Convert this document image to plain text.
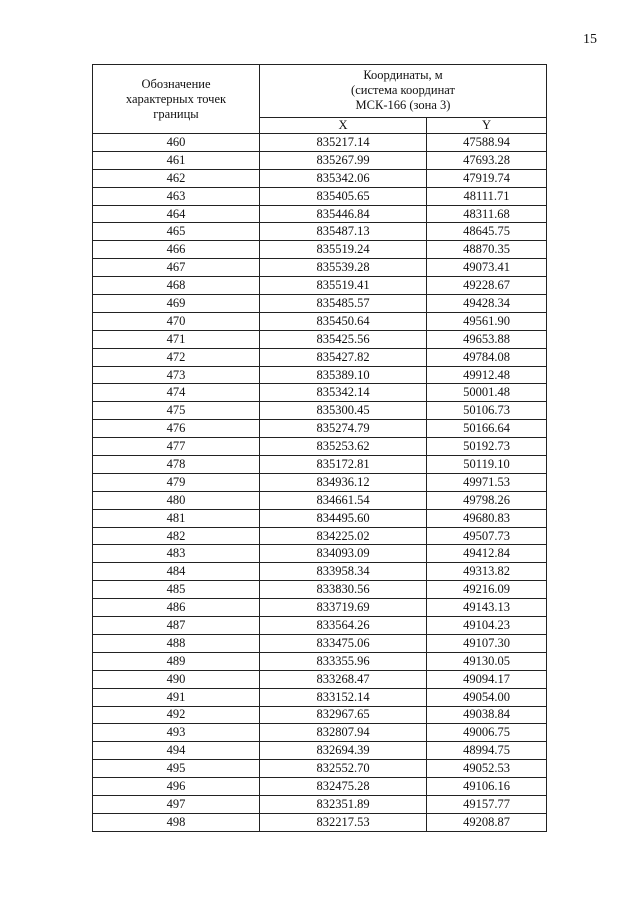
15
Обозначение характерных точек границы	Координаты, м
(система координат
МСК-166 (зона 3)	

	X	Y
460	835217.14	47588.94
461	835267.99	47693.28
462	835342.06	47919.74
463	835405.65	48111.71
464	835446.84	48311.68
465	835487.13	48645.75
466	835519.24	48870.35
467	835539.28	49073.41
468	835519.41	49228.67
469	835485.57	49428.34
470	835450.64	49561.90
471	835425.56	49653.88
472	835427.82	49784.08
473	835389.10	49912.48
474	835342.14	50001.48
475	835300.45	50106.73
476	835274.79	50166.64
477	835253.62	50192.73
478	835172.81	50119.10
479	834936.12	49971.53
480	834661.54	49798.26
481	834495.60	49680.83
482	834225.02	49507.73
483	834093.09	49412.84
484	833958.34	49313.82
485	833830.56	49216.09
486	833719.69	49143.13
487	833564.26	49104.23
488	833475.06	49107.30
489	833355.96	49130.05
490	833268.47	49094.17
491	833152.14	49054.00
492	832967.65	49038.84
493	832807.94	49006.75
494	832694.39	48994.75
495	832552.70	49052.53
496	832475.28	49106.16
497	832351.89	49157.77
498	832217.53	49208.87
